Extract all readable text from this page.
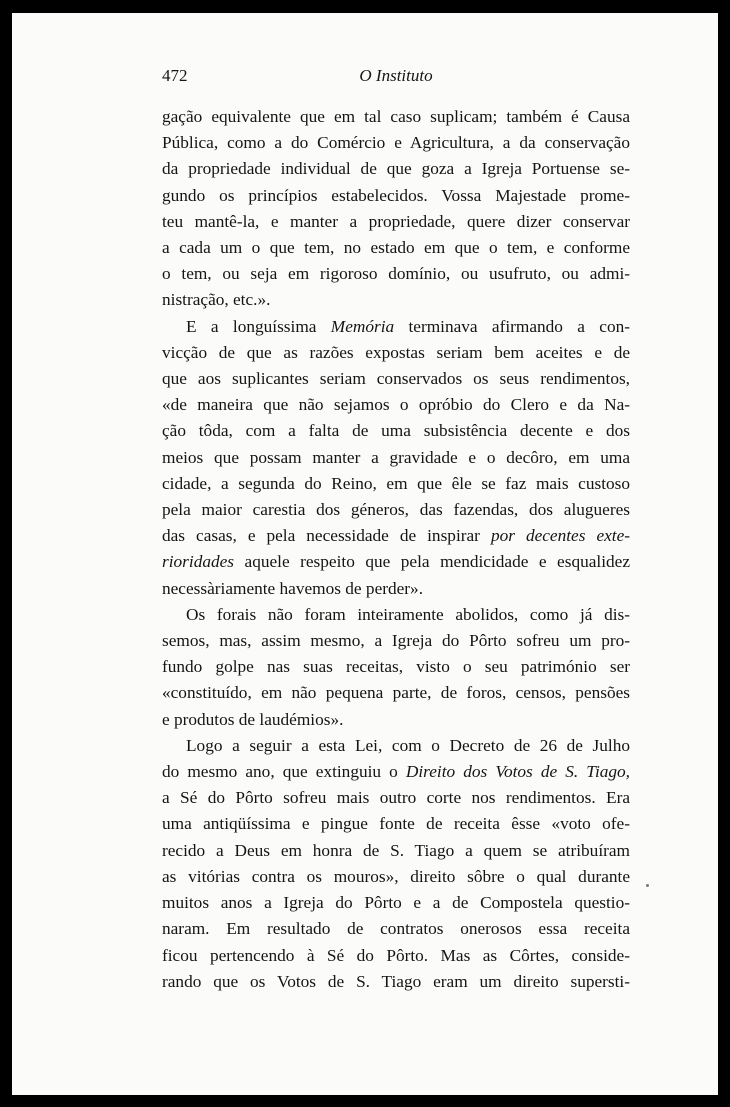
472	O Instituto

gação equivalente que em tal caso suplicam; também é Causa
Pública, como a do Comércio e Agricultura, a da conservação
da propriedade individual de que goza a Igreja Portuense se-
gundo os princípios estabelecidos. Vossa Majestade prome-
teu mantê-la, e manter a propriedade, quere dizer conservar
a cada um o que tem, no estado em que o tem, e conforme
o tem, ou seja em rigoroso domínio, ou usufruto, ou admi-
nistração, etc.».

E a longuíssima Memória terminava afirmando a con-
vicção de que as razões expostas seriam bem aceites e de
que aos suplicantes seriam conservados os seus rendimentos,
«de maneira que não sejamos o opróbio do Clero e da Na-
ção tôda, com a falta de uma subsistência decente e dos
meios que possam manter a gravidade e o decôro, em uma
cidade, a segunda do Reino, em que êle se faz mais custoso
pela maior carestia dos géneros, das fazendas, dos alugueres
das casas, e pela necessidade de inspirar por decentes exte-
rioridades aquele respeito que pela mendicidade e esqualidez
necessàriamente havemos de perder».

Os forais não foram inteiramente abolidos, como já dis-
semos, mas, assim mesmo, a Igreja do Pôrto sofreu um pro-
fundo golpe nas suas receitas, visto o seu património ser
«constituído, em não pequena parte, de foros, censos, pensões
e produtos de laudémios».

Logo a seguir a esta Lei, com o Decreto de 26 de Julho
do mesmo ano, que extinguiu o Direito dos Votos de S. Tiago,
a Sé do Pôrto sofreu mais outro corte nos rendimentos. Era
uma antiqüíssima e pingue fonte de receita êsse «voto ofe-
recido a Deus em honra de S. Tiago a quem se atribuíram
as vitórias contra os mouros», direito sôbre o qual durante
muitos anos a Igreja do Pôrto e a de Compostela questio-
naram. Em resultado de contratos onerosos essa receita
ficou pertencendo à Sé do Pôrto. Mas as Côrtes, conside-
rando que os Votos de S. Tiago eram um direito supersti-
